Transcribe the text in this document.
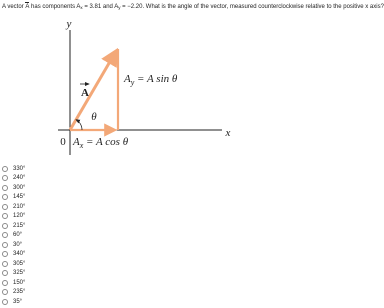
A vector A has components $A_x = 3.81$ and $A_y = -2.20$. What is the angle of the vector, measured counterclockwise relative to the positive x axis?
y
x
0
A
θ
$A_y = A$ sin θ
$A_x = A$ cos θ
330°
240°
300°
145°
210°
120°
215°
60°
30°
340°
305°
325°
150°
235°
35°
